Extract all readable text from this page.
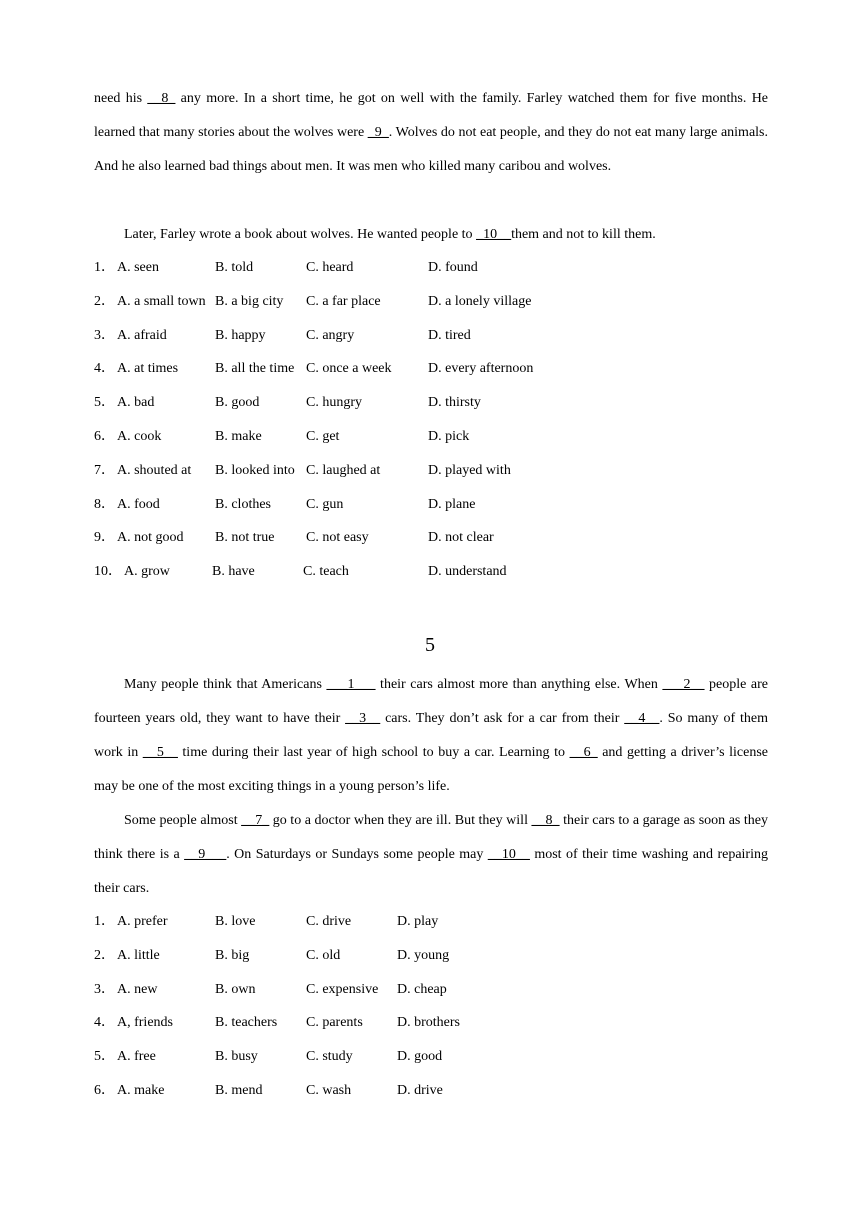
need his __8_ any more. In a short time, he got on well with the family. Farley watched them for five months. He learned that many stories about the wolves were _9_. Wolves do not eat people, and they do not eat many large animals. And he also learned bad things about men. It was men who killed many caribou and wolves.

Later, Farley wrote a book about wolves. He wanted people to _10__them and not to kill them.

1． A. seen	B. told	C. heard	D. found
2． A. a small town B. a big city C. a far place	D. a lonely village
3． A. afraid	B. happy	C. angry	D. tired
4． A. at times	B. all the time C. once a week	D. every afternoon
5． A. bad	B. good	C. hungry	D. thirsty
6． A. cook	B. make	C. get	D. pick
7． A. shouted at B. looked into C. laughed at	D. played with
8． A. food	B. clothes	C. gun	D. plane
9． A. not good B. not true C. not easy	D. not clear
10． A. grow	B. have	C. teach	D. understand
5

Many people think that Americans ___1___ their cars almost more than anything else. When ___2__ people are fourteen years old, they want to have their __3__ cars. They don’t ask for a car from their __4__. So many of them work in __5__ time during their last year of high school to buy a car. Learning to __6_ and getting a driver’s license may be one of the most exciting things in a young person’s life.

Some people almost __7_ go to a doctor when they are ill. But they will __8_ their cars to a garage as soon as they think there is a __9___. On Saturdays or Sundays some people may __10__ most of their time washing and repairing their cars.

1． A. prefer	B. love	C. drive	D. play
2． A. little	B. big	C. old	D. young
3． A. new	B. own	C. expensive D. cheap
4． A, friends	B. teachers C. parents D. brothers
5． A. free	B. busy	C. study	D. good
6． A. make	B. mend	C. wash	D. drive
